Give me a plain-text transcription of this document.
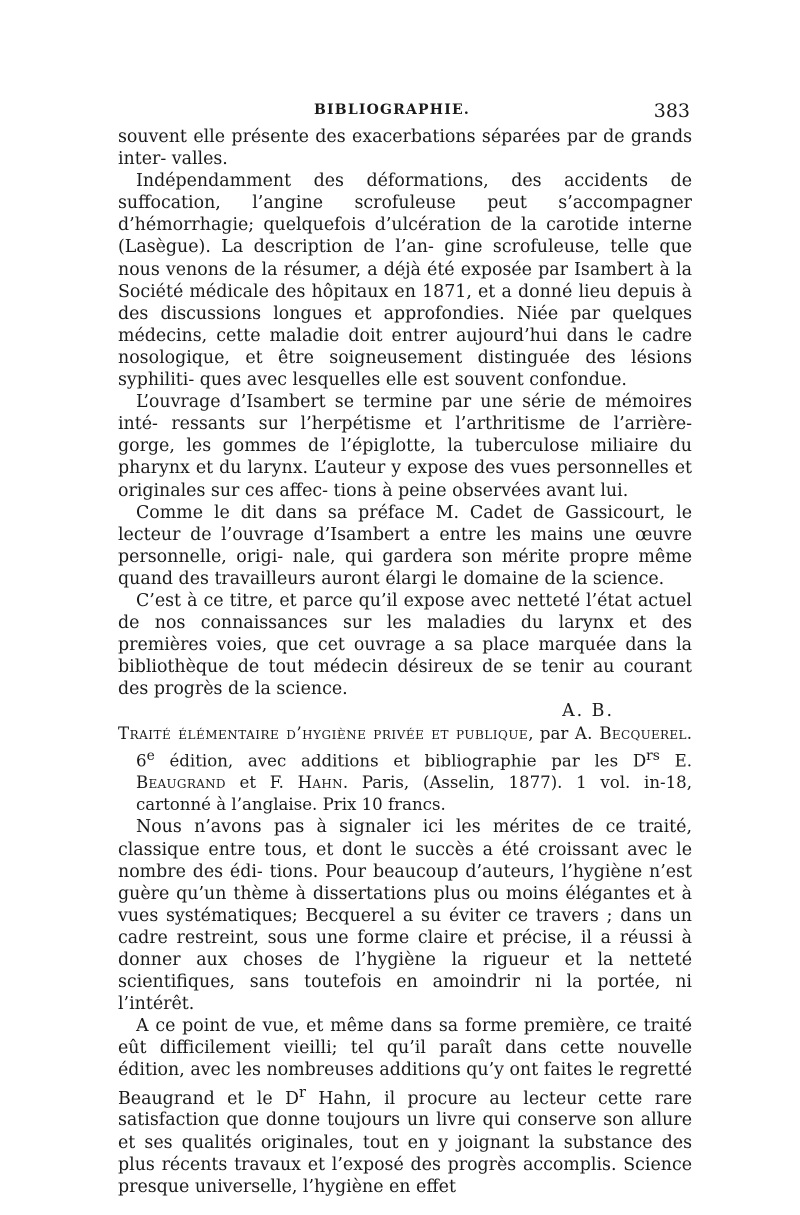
BIBLIOGRAPHIE.	383

souvent elle présente des exacerbations séparées par de grands inter- valles.

Indépendamment des déformations, des accidents de suffocation, l’angine scrofuleuse peut s’accompagner d’hémorrhagie; quelquefois d’ulcération de la carotide interne (Lasègue). La description de l’an- gine scrofuleuse, telle que nous venons de la résumer, a déjà été exposée par Isambert à la Société médicale des hôpitaux en 1871, et a donné lieu depuis à des discussions longues et approfondies. Niée par quelques médecins, cette maladie doit entrer aujourd’hui dans le cadre nosologique, et être soigneusement distinguée des lésions syphiliti- ques avec lesquelles elle est souvent confondue.

L’ouvrage d’Isambert se termine par une série de mémoires inté- ressants sur l’herpétisme et l’arthritisme de l’arrière-gorge, les gommes de l’épiglotte, la tuberculose miliaire du pharynx et du larynx. L’auteur y expose des vues personnelles et originales sur ces affec- tions à peine observées avant lui.

Comme le dit dans sa préface M. Cadet de Gassicourt, le lecteur de l’ouvrage d’Isambert a entre les mains une œuvre personnelle, origi- nale, qui gardera son mérite propre même quand des travailleurs auront élargi le domaine de la science.

C’est à ce titre, et parce qu’il expose avec netteté l’état actuel de nos connaissances sur les maladies du larynx et des premières voies, que cet ouvrage a sa place marquée dans la bibliothèque de tout médecin désireux de se tenir au courant des progrès de la science.

A. B.

Traité élémentaire d’hygiène privée et publique, par A. Becquerel. 6e édition, avec additions et bibliographie par les $D^{rs}$ E. Beaugrand et F. Hahn. Paris, (Asselin, 1877). 1 vol. in-18, cartonné à l’anglaise. Prix 10 francs.

Nous n’avons pas à signaler ici les mérites de ce traité, classique entre tous, et dont le succès a été croissant avec le nombre des édi- tions. Pour beaucoup d’auteurs, l’hygiène n’est guère qu’un thème à dissertations plus ou moins élégantes et à vues systématiques; Becquerel a su éviter ce travers ; dans un cadre restreint, sous une forme claire et précise, il a réussi à donner aux choses de l’hygiène la rigueur et la netteté scientifiques, sans toutefois en amoindrir ni la portée, ni l’intérêt.

A ce point de vue, et même dans sa forme première, ce traité eût difficilement vieilli; tel qu’il paraît dans cette nouvelle édition, avec les nombreuses additions qu’y ont faites le regretté Beaugrand et le $D^r$ Hahn, il procure au lecteur cette rare satisfaction que donne toujours un livre qui conserve son allure et ses qualités originales, tout en y joignant la substance des plus récents travaux et l’exposé des progrès accomplis. Science presque universelle, l’hygiène en effet
